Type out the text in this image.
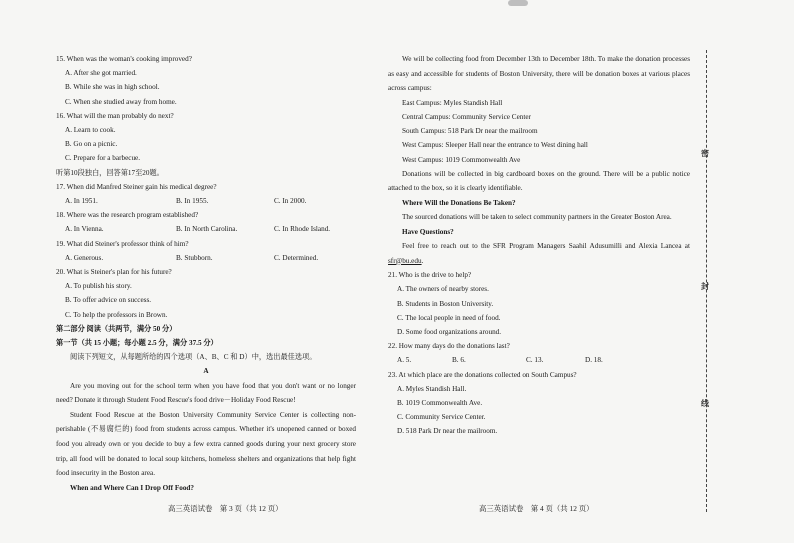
15. When was the woman's cooking improved?
A. After she got married.
B. While she was in high school.
C. When she studied away from home.
16. What will the man probably do next?
A. Learn to cook.
B. Go on a picnic.
C. Prepare for a barbecue.
听第10段独白，回答第17至20题。
17. When did Manfred Steiner gain his medical degree?
A. In 1951.	B. In 1955.	C. In 2000.
18. Where was the research program established?
A. In Vienna.	B. In North Carolina.	C. In Rhode Island.
19. What did Steiner's professor think of him?
A. Generous.	B. Stubborn.	C. Determined.
20. What is Steiner's plan for his future?
A. To publish his story.
B. To offer advice on success.
C. To help the professors in Brown.
第二部分 阅读（共两节，满分 50 分）
第一节（共 15 小题；每小题 2.5 分，满分 37.5 分）
阅读下列短文，从每题所给的四个选项（A、B、C 和 D）中，选出最佳选项。
A
Are you moving out for the school term when you have food that you don't want or no longer need? Donate it through Student Food Rescue's food drive－Holiday Food Rescue!
Student Food Rescue at the Boston University Community Service Center is collecting non-perishable (不易腐烂的) food from students across campus. Whether it's unopened canned or boxed food you already own or you decide to buy a few extra canned goods during your next grocery store trip, all food will be donated to local soup kitchens, homeless shelters and organizations that help fight food insecurity in the Boston area.
When and Where Can I Drop Off Food?
高三英语试卷　第 3 页（共 12 页）
We will be collecting food from December 13th to December 18th. To make the donation processes as easy and accessible for students of Boston University, there will be donation boxes at various places across campus:
East Campus: Myles Standish Hall
Central Campus: Community Service Center
South Campus: 518 Park Dr near the mailroom
West Campus: Sleeper Hall near the entrance to West dining hall
West Campus: 1019 Commonwealth Ave
Donations will be collected in big cardboard boxes on the ground. There will be a public notice attached to the box, so it is clearly identifiable.
Where Will the Donations Be Taken?
The sourced donations will be taken to select community partners in the Greater Boston Area.
Have Questions?
Feel free to reach out to the SFR Program Managers Saahil Adusumilli and Alexia Lancea at sfr@bu.edu.
21. Who is the drive to help?
A. The owners of nearby stores.
B. Students in Boston University.
C. The local people in need of food.
D. Some food organizations around.
22. How many days do the donations last?
A. 5.	B. 6.	C. 13.	D. 18.
23. At which place are the donations collected on South Campus?
A. Myles Standish Hall.
B. 1019 Commonwealth Ave.
C. Community Service Center.
D. 518 Park Dr near the mailroom.
高三英语试卷　第 4 页（共 12 页）
密
封
线
